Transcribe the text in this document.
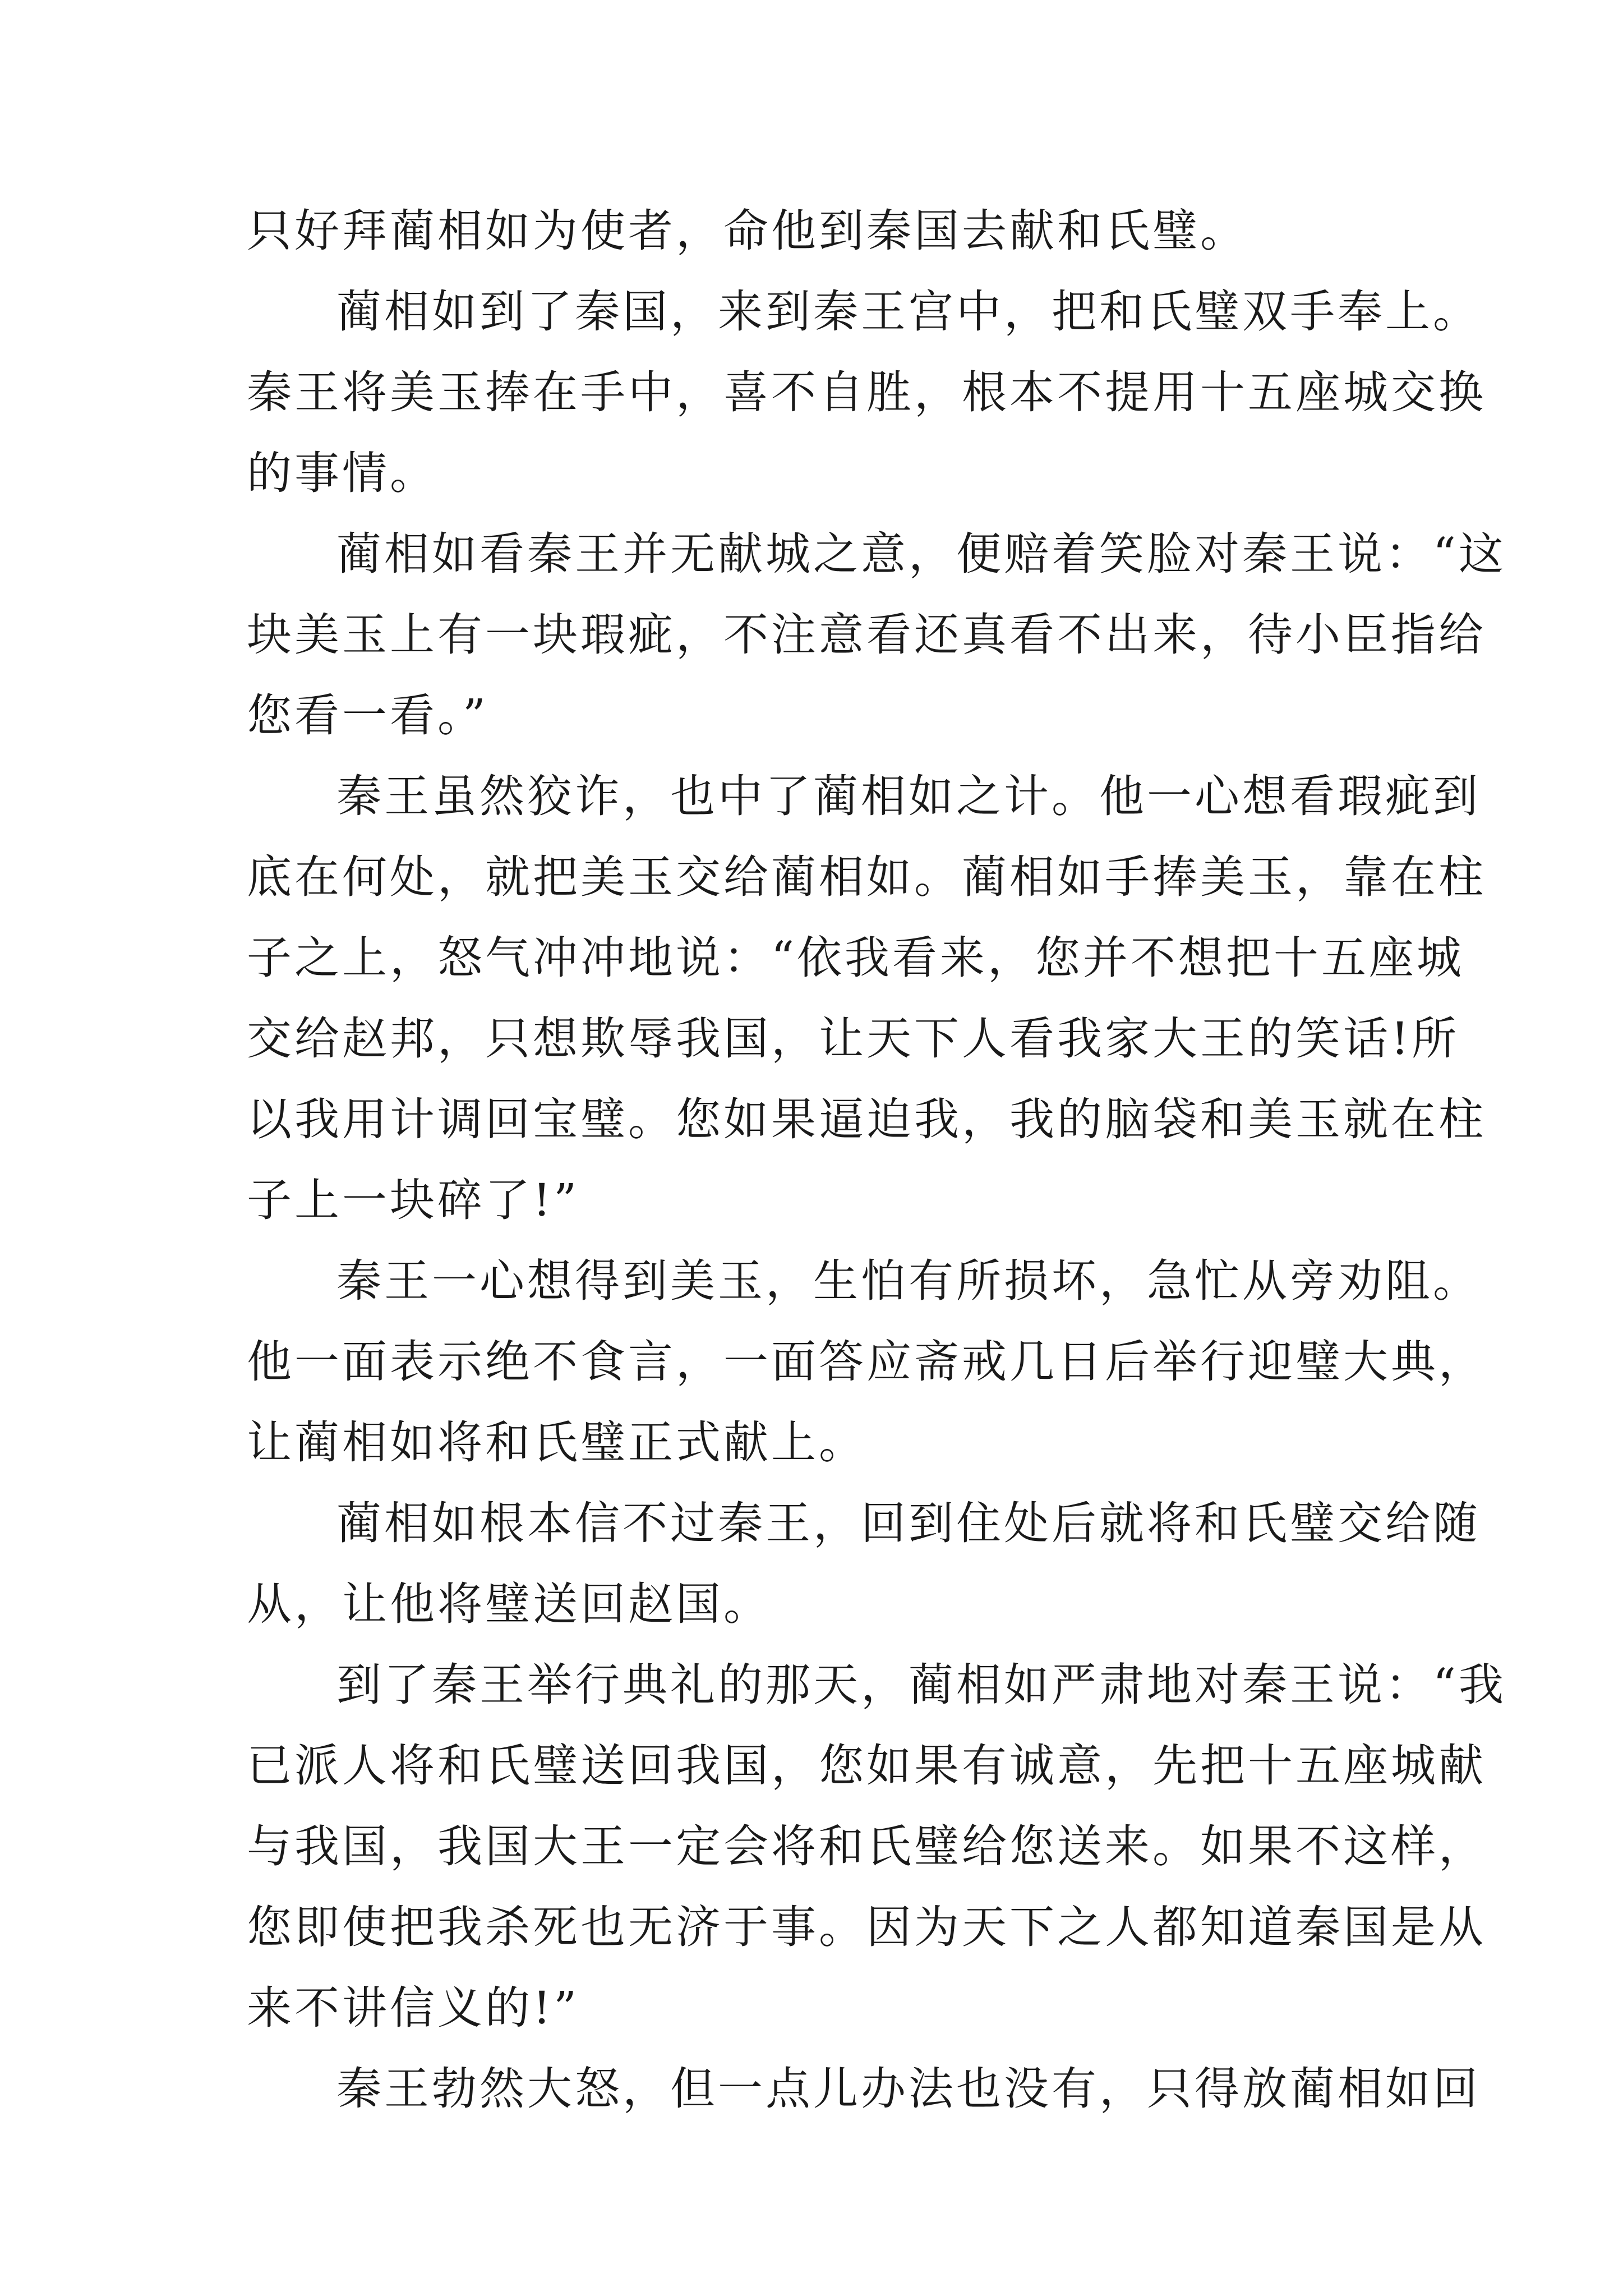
只好拜蔺相如为使者，命他到秦国去献和氏璧。
蔺相如到了秦国，来到秦王宫中，把和氏璧双手奉上。
秦王将美玉捧在手中，喜不自胜，根本不提用十五座城交换
的事情。
蔺相如看秦王并无献城之意，便赔着笑脸对秦王说：“这
块美玉上有一块瑕疵，不注意看还真看不出来，待小臣指给
您看一看。”
秦王虽然狡诈，也中了蔺相如之计。他一心想看瑕疵到
底在何处，就把美玉交给蔺相如。蔺相如手捧美玉，靠在柱
子之上，怒气冲冲地说：“依我看来，您并不想把十五座城
交给赵邦，只想欺辱我国，让天下人看我家大王的笑话!所
以我用计调回宝璧。您如果逼迫我，我的脑袋和美玉就在柱
子上一块碎了!”
秦王一心想得到美玉，生怕有所损坏，急忙从旁劝阻。
他一面表示绝不食言，一面答应斋戒几日后举行迎璧大典，
让蔺相如将和氏璧正式献上。
蔺相如根本信不过秦王，回到住处后就将和氏璧交给随
从，让他将璧送回赵国。
到了秦王举行典礼的那天，蔺相如严肃地对秦王说：“我
已派人将和氏璧送回我国，您如果有诚意，先把十五座城献
与我国，我国大王一定会将和氏璧给您送来。如果不这样，
您即使把我杀死也无济于事。因为天下之人都知道秦国是从
来不讲信义的!”
秦王勃然大怒，但一点儿办法也没有，只得放蔺相如回
